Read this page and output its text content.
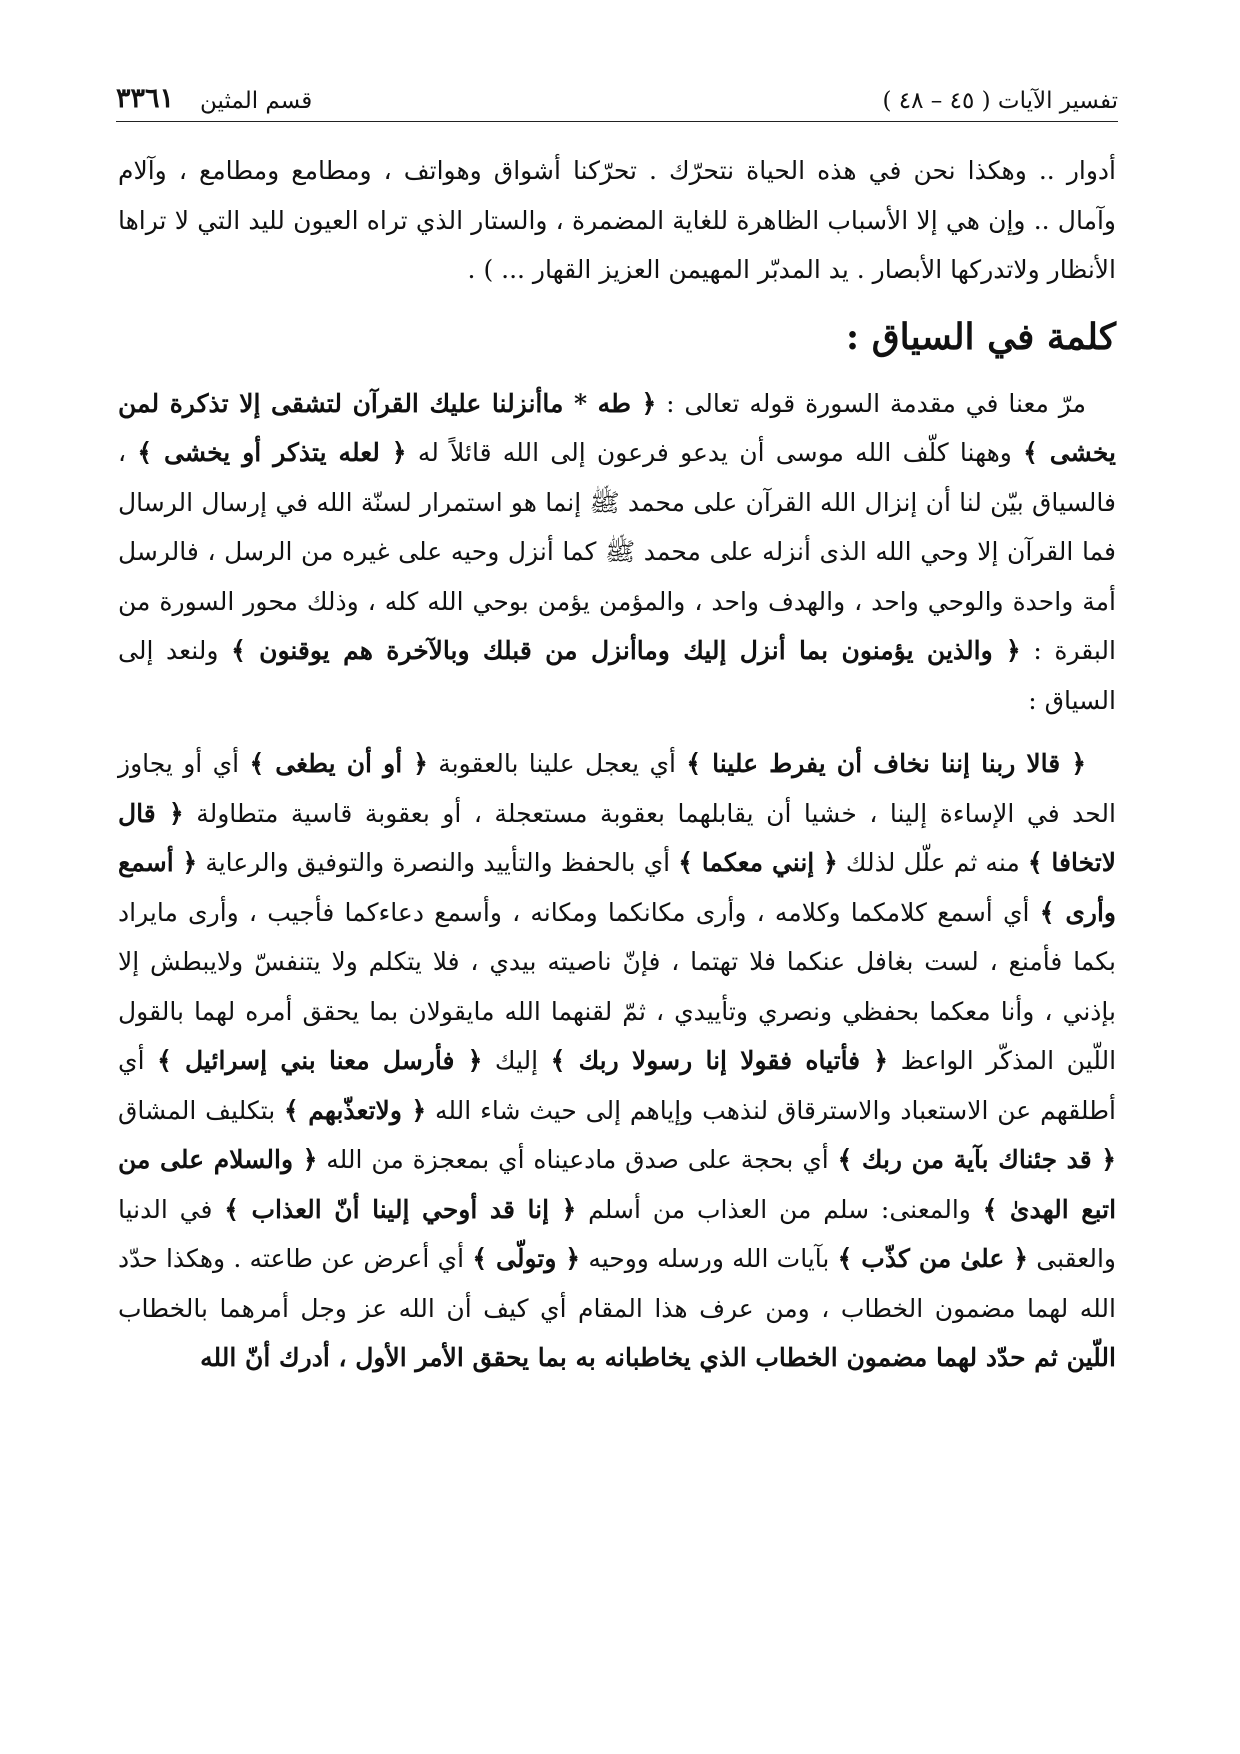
تفسير الآيات ( ٤٥ – ٤٨ )
قسم المثين
٣٣٦١

أدوار .. وهكذا نحن في هذه الحياة نتحرّك . تحرّكنا أشواق وهواتف ، ومطامع ومطامع ، وآلام وآمال .. وإن هي إلا الأسباب الظاهرة للغاية المضمرة ، والستار الذي تراه العيون لليد التي لا تراها الأنظار ولاتدركها الأبصار . يد المدبّر المهيمن العزيز القهار ... ) .

كلمة في السياق :

مرّ معنا في مقدمة السورة قوله تعالى : ﴿ طه * ماأنزلنا عليك القرآن لتشقى إلا تذكرة لمن يخشى ﴾ وههنا كلّف الله موسى أن يدعو فرعون إلى الله قائلاً له ﴿ لعله يتذكر أو يخشى ﴾ ، فالسياق بيّن لنا أن إنزال الله القرآن على محمد ﷺ إنما هو استمرار لسنّة الله في إرسال الرسال فما القرآن إلا وحي الله الذى أنزله على محمد ﷺ كما أنزل وحيه على غيره من الرسل ، فالرسل أمة واحدة والوحي واحد ، والهدف واحد ، والمؤمن يؤمن بوحي الله كله ، وذلك محور السورة من البقرة : ﴿ والذين يؤمنون بما أنزل إليك وماأنزل من قبلك وبالآخرة هم يوقنون ﴾ ولنعد إلى السياق :

﴿ قالا ربنا إننا نخاف أن يفرط علينا ﴾ أي يعجل علينا بالعقوبة ﴿ أو أن يطغى ﴾ أي أو يجاوز الحد في الإساءة إلينا ، خشيا أن يقابلهما بعقوبة مستعجلة ، أو بعقوبة قاسية متطاولة ﴿ قال لاتخافا ﴾ منه ثم علّل لذلك ﴿ إنني معكما ﴾ أي بالحفظ والتأييد والنصرة والتوفيق والرعاية ﴿ أسمع وأرى ﴾ أي أسمع كلامكما وكلامه ، وأرى مكانكما ومكانه ، وأسمع دعاءكما فأجيب ، وأرى مايراد بكما فأمنع ، لست بغافل عنكما فلا تهتما ، فإنّ ناصيته بيدي ، فلا يتكلم ولا يتنفسّ ولايبطش إلا بإذني ، وأنا معكما بحفظي ونصري وتأييدي ، ثمّ لقنهما الله مايقولان بما يحقق أمره لهما بالقول اللّين المذكّر الواعظ ﴿ فأتياه فقولا إنا رسولا ربك ﴾ إليك ﴿ فأرسل معنا بني إسرائيل ﴾ أي أطلقهم عن الاستعباد والاسترقاق لنذهب وإياهم إلى حيث شاء الله ﴿ ولاتعذّبهم ﴾ بتكليف المشاق ﴿ قد جئناك بآية من ربك ﴾ أي بحجة على صدق مادعيناه أي بمعجزة من الله ﴿ والسلام على من اتبع الهدىٰ ﴾ والمعنى: سلم من العذاب من أسلم ﴿ إنا قد أوحي إلينا أنّ العذاب ﴾ في الدنيا والعقبى ﴿ علىٰ من كذّب ﴾ بآيات الله ورسله ووحيه ﴿ وتولّى ﴾ أي أعرض عن طاعته . وهكذا حدّد الله لهما مضمون الخطاب ، ومن عرف هذا المقام أي كيف أن الله عز وجل أمرهما بالخطاب اللّين ثم حدّد لهما مضمون الخطاب الذي يخاطبانه به بما يحقق الأمر الأول ، أدرك أنّ الله
